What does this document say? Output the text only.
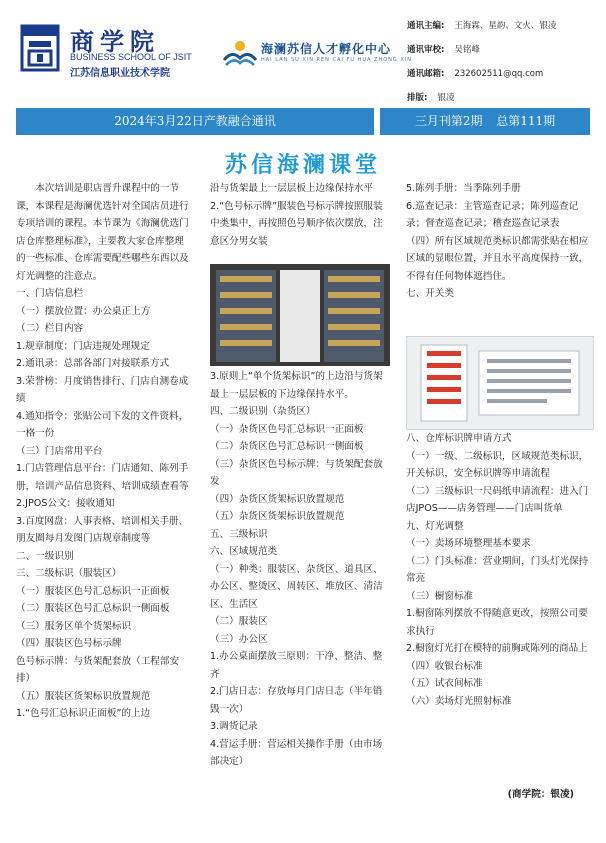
商学院
BUSINESS SCHOOL OF JSIT
江苏信息职业技术学院
海澜苏信人才孵化中心
HAI LAN SU XIN REN CAI FU HUA ZHONG XIN
通讯主编: 王海霖、星韵、文火、银凌
通讯审校: 吴铭峰
通讯邮箱: 232602511@qq.com
排版: 银凌
2024年3月22日产教融合通讯	三月刊第2期 总第111期
苏信海澜课堂

本次培训是职店晋升课程中的一节课，本课程是海澜优选针对全国店员进行专项培训的课程。本节课为《海澜优选门店仓库整理标准》，主要教大家仓库整理的一些标准、仓库需要配些哪些东西以及灯光调整的注意点。

一、门店信息栏

（一）摆放位置：办公桌正上方

（二）栏目内容

1.规章制度：门店违规处理规定

2.通讯录：总部各部门对接联系方式

3.荣誉榜：月度销售排行、门店自测卷成绩

4.通知指令：张贴公司下发的文件资料，一格一份

（三）门店常用平台

1.门店管理信息平台：门店通知、陈列手册，培训产品信息资料、培训成绩查看等

2.JPOS公文：接收通知

3.百度网盘：人事表格、培训相关手册、朋友圈每月发图门店规章制度等

二、一级识别

三、二级标识（服装区）

（一）服装区色号汇总标识一正面板

（二）服装区色号汇总标识一侧面板

（三）服务区单个货架标识

（四）服装区色号标示牌

色号标示牌：与货架配套放（工程部安排）

（五）服装区货架标识放置规范

1.“色号汇总标识正面板”的上边

沿与货架最上一层层板上边缘保持水平

2.“色号标示牌”服装色号标示牌按照服装中类集中，再按照色号顺序依次摆放，注意区分男女装

3.原则上“单个货架标识”的上边沿与货架最上一层层板的下边缘保持水平。

四、二级识别（杂货区）

（一）杂货区色号汇总标识一正面板

（二）杂货区色号汇总标识一侧面板

（三）杂货区色号标示牌：与货架配套放发

（四）杂货区货架标识放置规范

（五）杂货区货架标识放置规范

五、三级标识

六、区域规范类

（一）种类：服装区、杂货区、道具区、办公区、整烫区、周转区、堆放区、清洁区、生活区

（二）服装区

（三）办公区

1.办公桌面摆放三原则：干净、整洁、整齐

2.门店日志：存放每月门店日志（半年销毁一次）

3.调货记录

4.营运手册：营运相关操作手册（由市场部决定）

5.陈列手册：当季陈列手册

6.巡查记录：主管巡查记录；陈列巡查记录；督查巡查记录；稽查巡查记录表

（四）所有区域规范类标识都需张贴在相应区域的显眼位置，并且水平高度保持一致，不得有任何物体遮挡住。

七、开关类

八、仓库标识牌申请方式

（一）一级、二级标识，区域规范类标识，开关标识，安全标识牌等申请流程

（二）三级标识一尺码纸申请流程：进入门店JPOS——店务管理——门店叫货单

九、灯光调整

（一）卖场环境整理基本要求

（二）门头标准：营业期间，门头灯光保持常亮

（三）橱窗标准

1.橱窗陈列摆放不得随意更改，按照公司要求执行

2.橱窗灯光打在模特的前胸或陈列的商品上

（四）收银台标准

（五）试衣间标准

（六）卖场灯光照射标准

(商学院：银凌)
